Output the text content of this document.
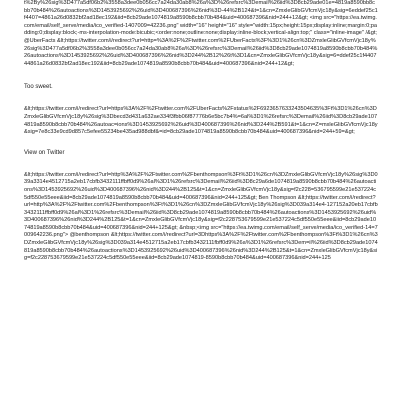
t%2By%26sig%3D477a5df06b2%3558a3dee0b056cc7a24da30ab8%26a%3D%26refsrc%3Demail%26iid%3D8cb29ade01e=4819a8590bb8cbb70b484%26autoactions%3D1453925692%26uid%3D400687396%26nid%3D-44%2B124&t=1&cn=ZmxleGlibGVfcmVjc18y&sig=6eddef25c1f4407=4861a26d0832bf2ad18ec192&iid=8cb29ade1074819a8590b8cbb70b484&uid=400687396&nid=244+12&gt; <img src="https://ea.twimg.com/email/self_serve/media/ico_verified-1407009=42236.png" width="16" height="16" style="width:15px;height:15px;display:inline;margin:0;padding:0;display:block;-ms-interpolation-mode:bicubic;<order:none;outline:none;display:inline-block;vertical-align:top;" class="inline-image" /&gt; @UberFacts &lt;https://twitter.com/i/redirect?url=http=%3A%2F%2Ftwitter.com%2FUberFacts%3F%3D1%26cn%3DZmxleGlibGVfcmVjc18y%26sig%3D477a5df06b2%3558a3dee0b056cc7a24da30ab8%26a%3D%26refsrc%3Demail%26iid%3D8cb29ade1074819a8590b8cbb70b484%26autoactions%3D1453925692%26uid%3D400687396%26nid%3D244%2B12%26t%3D1&cn=ZmxleGlibGVfcmVjc18y&sig=6=ddef25c1f440744861a26d0832bf2ad18ec192&iid=8cb29ade1074819a8590b8cbb70b484&uid=400687396&nid=244+12&gt;

Too sweet.

&lt;https://twitter.com/i/redirect?url=https%3A%2F%2Ftwitter.com%2FUberFacts%2Fstatus%2F6923657633243504635%3Ft%3D1%26cn%3DZmxleGlibGVfcmVjc18y%26sig%3Dbecd3d431a632ae334f3fbb06f87776b6e5bc7b4%=6al%3D1%26refsrc%3Demail%26iid%3D8cb29ade1074819a8590b8cbb70b484%26autoac=ions%3D1453925692%26uid%3D400687396%26nid%3D244%2B591&t=1&cn=Z=mxleGlibGVfcmVjc18y&sig=7e8c33e9cd9d857c5efee55234be435ad988dbf&=id=8cb29ade1074819a8590b8cbb70b484&uid=400687396&nid=244+59=&gt;

View on Twitter

&lt;https://twitter.com/i/redirect?url=http%3A%2F%2Ftwitter.com%2Fbenthompson%3Ft%3D1%26cn%3DZmxleGlibGVfcmVjc18y%26sig%3D039a3314e4512715a2eb17cbfb3432111ffbff0d9%26al%3D1%26refsrc%3Demail%26iid%3D8c29a6de1074819a8590b8cbb70b484%26autoactions%3D1453925692%26uid%3D400687396%26nid%3D244%2B125&t=1&cn=ZmxleGlibGVfcmVjc18y&sig=f2c228=536795599e21e537224c5df550e55eee&iid=8cb29ade1074819a8590b8cbb70b484&uid=400687396&nid=244+125&gt; Ben Thompson &lt;https://twitter.com/i/redirect?url=http%3A%2F%2Ftwitter.com%2Fbenthompson%3Ft%3D1%26cn%3DZmxleGlibGVfcmVjc18y%26sig%3D039a314e4-127152a20eb17cbfb3432111ffbff0d9%26al%3D1%26refsrc%3Demail%26iid%3D8cb29ade1074819a8590b8cbb70b484%26autoactions%3D1453925692%26uid%3D400687396%26nid%3D244%2B125&t=1&cn=ZmxleGlibGVfcmVjc18y&sig=f2c228753679599e21e537224c5df550e55eee&iid=8cb29ade1074819a8590b8cbb70b484&uid=400687396&nid=244+125&gt; &nbsp;<img src="https://ea.twimg.com/email/self_serve/media/ico_verified-14=7009642236.png"> @benthompson &lt;https://twitter.com/i/redirect?url=3Dhttps%3A%2F%2Ftwitter.com%2Fbenthompson%3Ft%3D1%26cn%3DZmxleGlibGVfcmVjc18y%26sig%3D039a314e4512715a2eb17cbfb3432111fbff0d9%26a%3D1%26refsrc%3Dem=il%26iid%3D8cb29ade1074819a8590b8cbb70b484%26autoactions%3D1453925692%26uid%3D400687396%26nid%3D244%2B125&t=1&cn=ZmxleGlibGVfcmVjc18y&sig=f2c228753679599e21e537224c5df550e55eee&iid=8cb29ade1074819-8590b8cbb70b484&uid=400687396&nid=244+125
